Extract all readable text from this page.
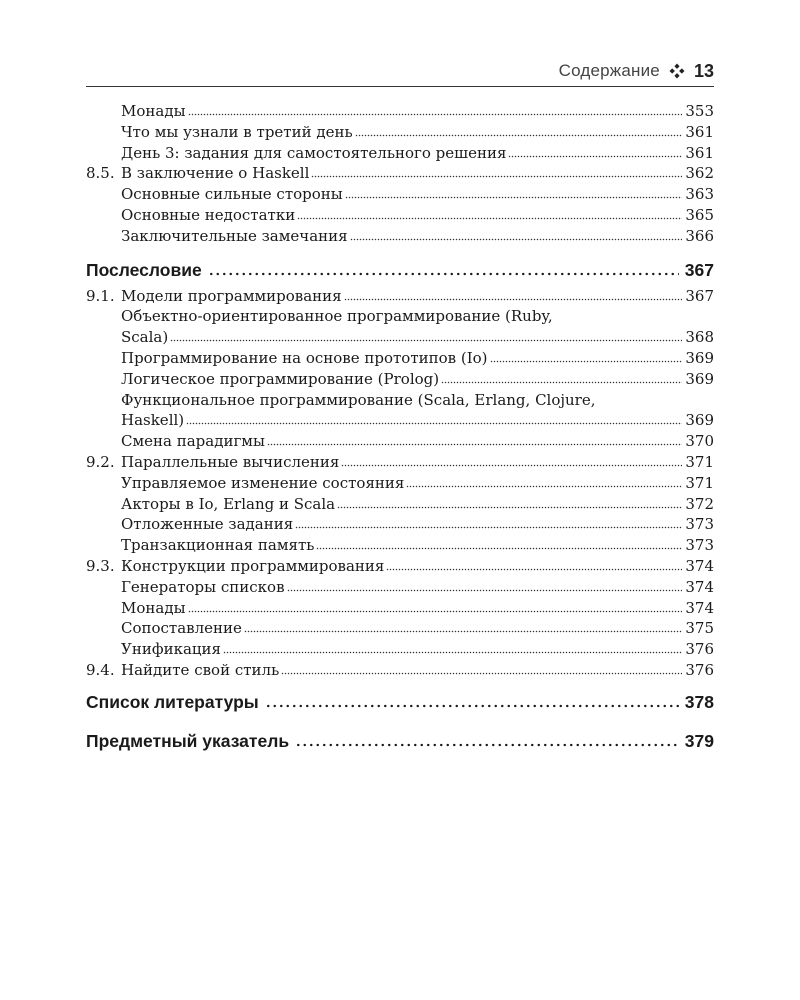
Содержание 13
Монады	353
Что мы узнали в третий день	361
День 3: задания для самостоятельного решения	361
8.5. В заключение о Haskell	362
Основные сильные стороны	363
Основные недостатки	365
Заключительные замечания	366
Послесловие	367
9.1. Модели программирования	367
Объектно-ориентированное программирование (Ruby,
Scala)	368
Программирование на основе прототипов (Io)	369
Логическое программирование (Prolog)	369
Функциональное программирование (Scala, Erlang, Clojure,
Haskell)	369
Смена парадигмы	370
9.2. Параллельные вычисления	371
Управляемое изменение состояния	371
Акторы в Io, Erlang и Scala	372
Отложенные задания	373
Транзакционная память	373
9.3. Конструкции программирования	374
Генераторы списков	374
Монады	374
Сопоставление	375
Унификация	376
9.4. Найдите свой стиль	376
Список литературы	378
Предметный указатель	379
